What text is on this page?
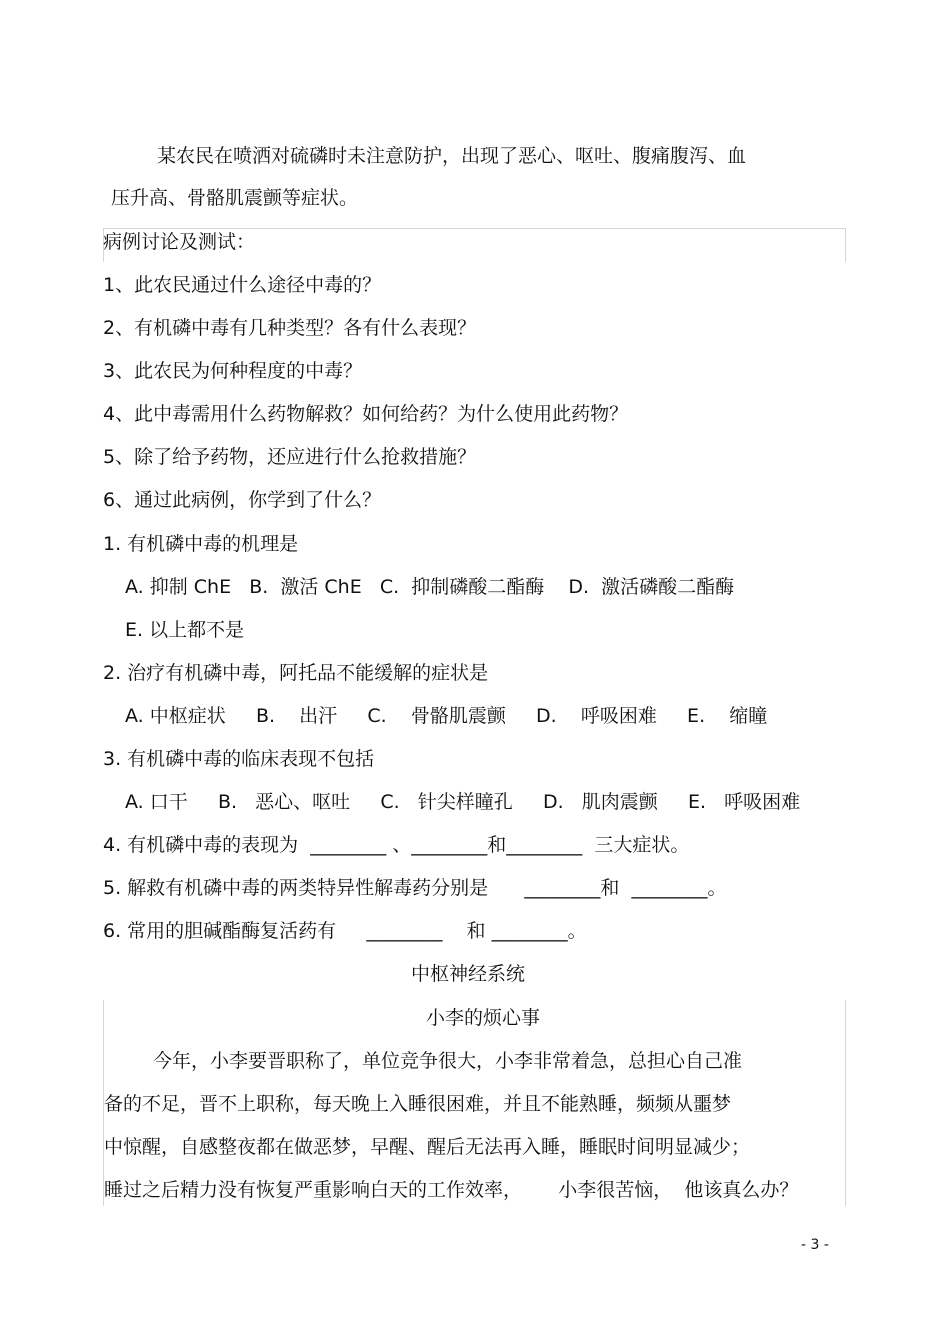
某农民在喷洒对硫磷时未注意防护，出现了恶心、呕吐、腹痛腹泻、血
压升高、骨骼肌震颤等症状。
病例讨论及测试：
1、此农民通过什么途径中毒的？
2、有机磷中毒有几种类型？各有什么表现？
3、此农民为何种程度的中毒？
4、此中毒需用什么药物解救？如何给药？为什么使用此药物？
5、除了给予药物，还应进行什么抢救措施？
6、通过此病例，你学到了什么？
1. 有机磷中毒的机理是
A. 抑制 ChE   B.  激活 ChE   C.  抑制磷酸二酯酶    D.  激活磷酸二酯酶
E. 以上都不是
2. 治疗有机磷中毒，阿托品不能缓解的症状是
A. 中枢症状     B.    出汗     C.    骨骼肌震颤     D.    呼吸困难     E.    缩瞳
3. 有机磷中毒的临床表现不包括
A. 口干     B.   恶心、呕吐     C.   针尖样瞳孔     D.   肌肉震颤     E.   呼吸困难
4. 有机磷中毒的表现为  ________ 、________和________  三大症状。
5. 解救有机磷中毒的两类特异性解毒药分别是      ________和  ________。
6. 常用的胆碱酯酶复活药有     ________    和 ________。
中枢神经系统
小李的烦心事
今年，小李要晋职称了，单位竞争很大，小李非常着急，总担心自己准
备的不足，晋不上职称，每天晚上入睡很困难，并且不能熟睡，频频从噩梦
中惊醒，自感整夜都在做恶梦，早醒、醒后无法再入睡，睡眠时间明显减少；
睡过之后精力没有恢复严重影响白天的工作效率，      小李很苦恼，  他该真么办？
- 3 -
